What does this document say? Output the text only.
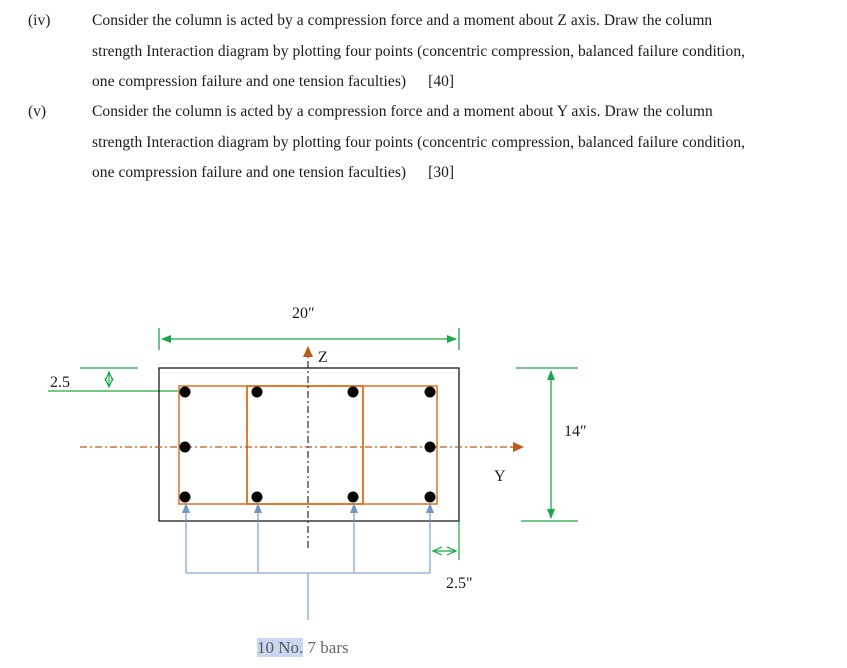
(iv)	Consider the column is acted by a compression force and a moment about Z axis. Draw the column
strength Interaction diagram by plotting four points (concentric compression, balanced failure condition,
one compression failure and one tension faculties) [40]
(v)	Consider the column is acted by a compression force and a moment about Y axis. Draw the column
strength Interaction diagram by plotting four points (concentric compression, balanced failure condition,
one compression failure and one tension faculties) [30]
20″
14″
2.5
Z
Y
2.5"
10 No. 7 bars
